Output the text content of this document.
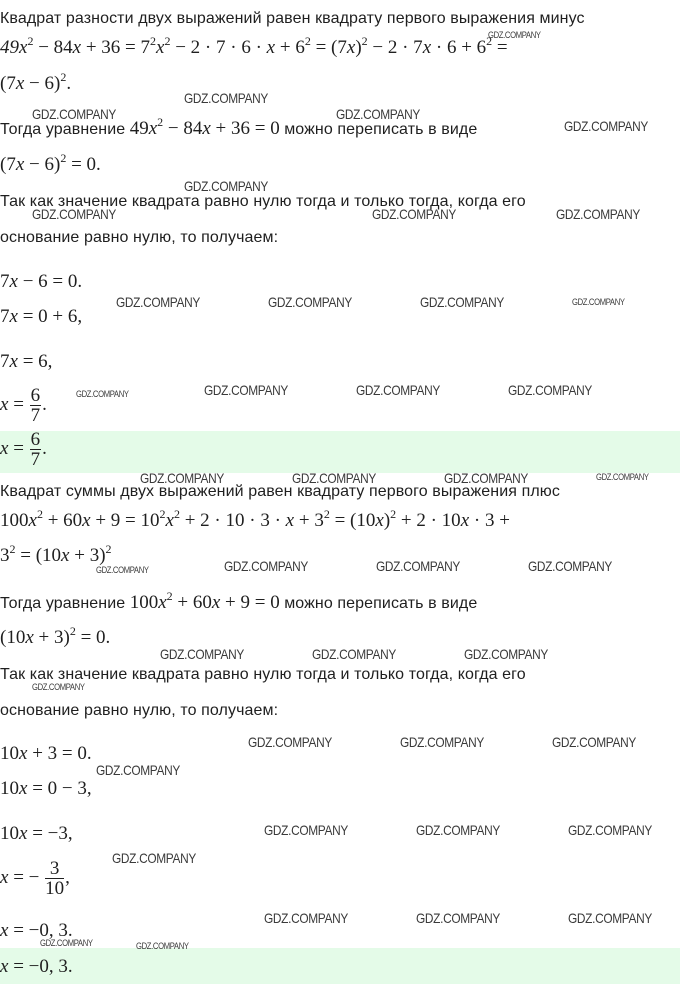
Квадрат разности двух выражений равен квадрату первого выражения минус
$49x^2 - 84x + 36 = 7^2x^2 - 2 \cdot 7 \cdot 6 \cdot x + 6^2 = (7x)^2 - 2 \cdot 7x \cdot 6 + 6^2$ =
$(7x - 6)^2$.
Тогда уравнение $49x^2 - 84x + 36 = 0$ можно переписать в виде
$(7x - 6)^2 = 0$.
Так как значение квадрата равно нулю тогда и только тогда, когда его
основание равно нулю, то получаем:
7x − 6 = 0.
7x = 0 + 6,
7x = 6,
$x = \frac{6}{7}$ .
$x = \frac{6}{7}$ .
Квадрат суммы двух выражений равен квадрату первого выражения плюс
$100x^2 + 60x + 9 = 10^2x^2 + 2 \cdot 10 \cdot 3 \cdot x + 3^2 = (10x)^2 + 2 \cdot 10x \cdot 3$ +
$3^2 = (10x + 3)^2$
Тогда уравнение $100x^2 + 60x + 9 = 0$ можно переписать в виде
$(10x + 3)^2 = 0$.
Так как значение квадрата равно нулю тогда и только тогда, когда его
основание равно нулю, то получаем:
10x + 3 = 0.
10x = 0 − 3,
10x = −3,
x = − $\frac{3}{10}$ ,
x = −0, 3.
x = −0, 3.
GDZ.COMPANY
GDZ.COMPANY
GDZ.COMPANY	GDZ.COMPANY
GDZ.COMPANY
GDZ.COMPANY
GDZ.COMPANY	GDZ.COMPANY	GDZ.COMPANY
GDZ.COMPANY	GDZ.COMPANY	GDZ.COMPANY	GDZ.COMPANY
GDZ.COMPANY	GDZ.COMPANY	GDZ.COMPANY	GDZ.COMPANY
GDZ.COMPANY	GDZ.COMPANY	GDZ.COMPANY	GDZ.COMPANY
GDZ.COMPANY	GDZ.COMPANY	GDZ.COMPANY	GDZ.COMPANY
GDZ.COMPANY	GDZ.COMPANY	GDZ.COMPANY
GDZ.COMPANY
GDZ.COMPANY	GDZ.COMPANY	GDZ.COMPANY
GDZ.COMPANY
GDZ.COMPANY	GDZ.COMPANY	GDZ.COMPANY
GDZ.COMPANY
GDZ.COMPANY	GDZ.COMPANY	GDZ.COMPANY
GDZ.COMPANY	GDZ.COMPANY
